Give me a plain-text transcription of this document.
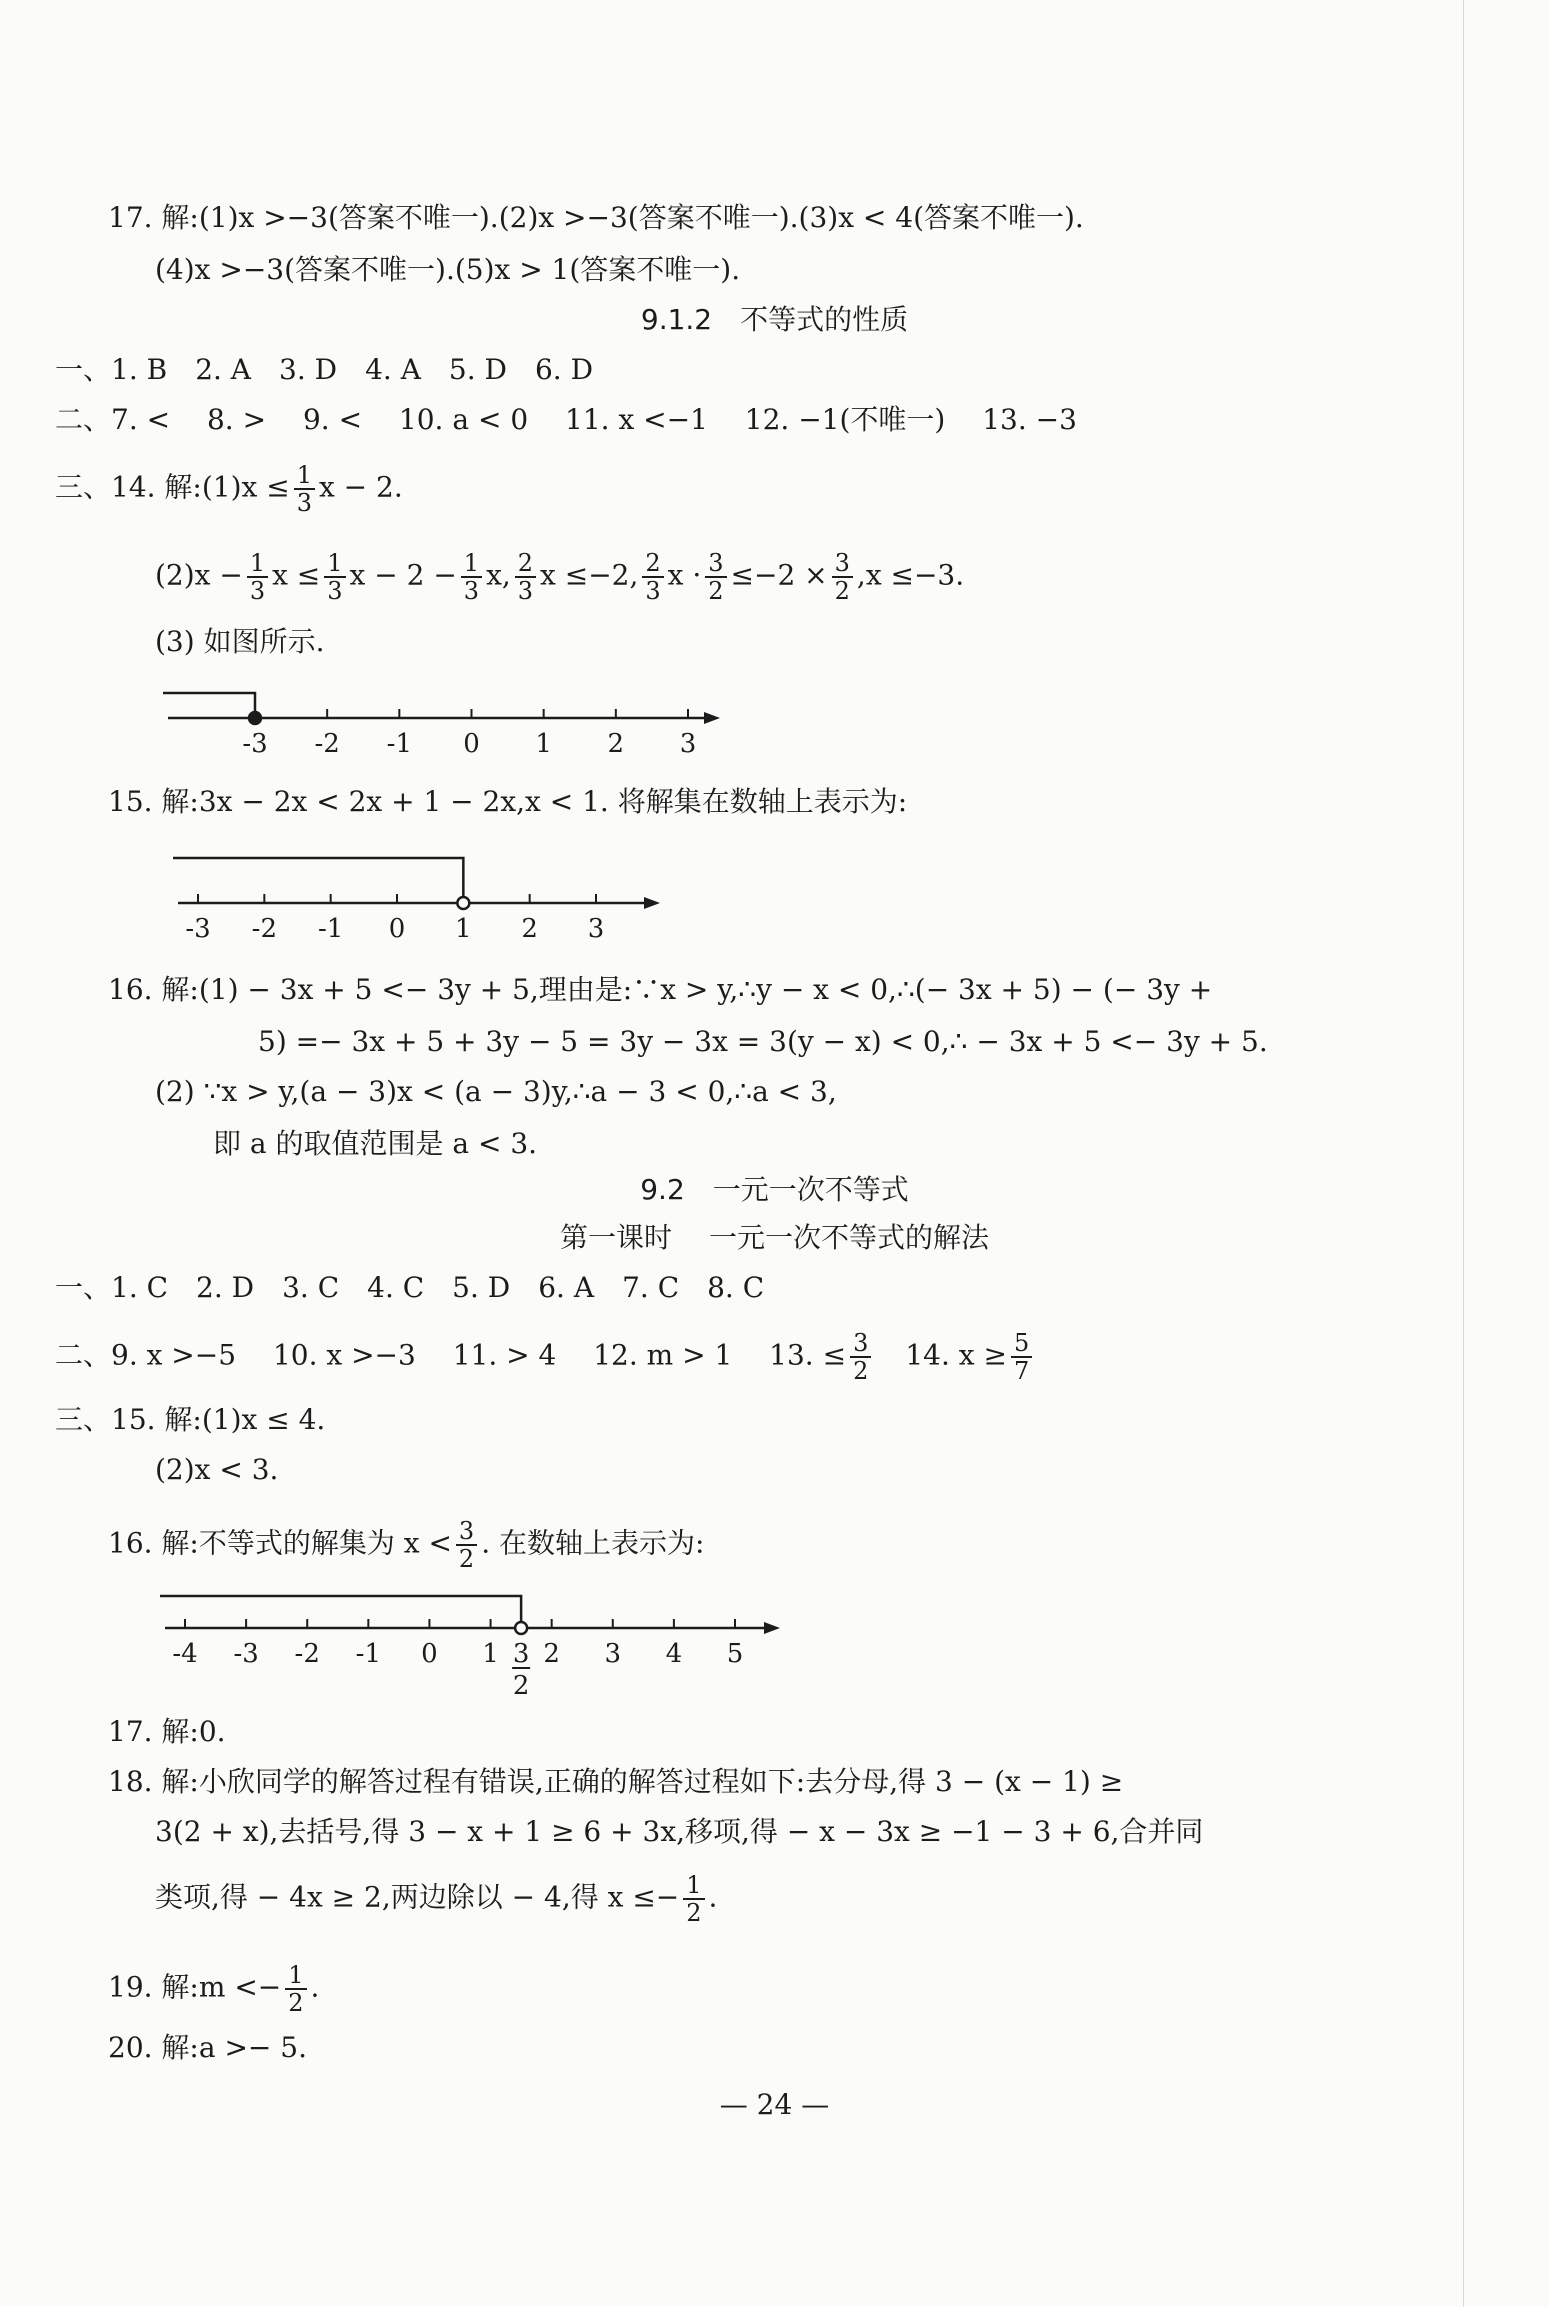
17. 解:(1)x >−3(答案不唯一).(2)x >−3(答案不唯一).(3)x < 4(答案不唯一).
(4)x >−3(答案不唯一).(5)x > 1(答案不唯一).
9.1.2　不等式的性质
一、1. B　2. A　3. D　4. A　5. D　6. D
二、7. <　 8. >　 9. <　 10. a < 0　 11. x <−1　 12. −1(不唯一)　 13. −3
三、14. 解:(1)x ≤ $\frac{1}{3}$ x − 2.
$(2)x - \frac{1}{3}$ $x \le \frac{1}{3}$ $x - 2 - \frac{1}{3} x$, $\frac{2}{3}$ x ≤−2, $\frac{2}{3}$ $x \cdot \frac{3}{2} \le-2 \times \frac{3}{2} ,x \le-3$.
(3) 如图所示.
-3 -2 -1 0 1 2 3
15. 解:3x − 2x < 2x + 1 − 2x,x < 1. 将解集在数轴上表示为:
-3 -2 -1 0 1 2 3
16. 解:(1) − 3x + 5 <− 3y + 5,理由是:∵x > y,∴y − x < 0,∴(− 3x + 5) − (− 3y +
5) =− 3x + 5 + 3y − 5 = 3y − 3x = 3(y − x) < 0,∴ − 3x + 5 <− 3y + 5.
(2) ∵x > y,(a − 3)x < (a − 3)y,∴a − 3 < 0,∴a < 3,
即 a 的取值范围是 a < 3.
9.2　一元一次不等式
第一课时　 一元一次不等式的解法
一、1. C　2. D　3. C　4. C　5. D　6. A　7. C　8. C
二、9. x >−5　 10. x >−3　 11. > 4　 12. m > 1　 13. ≤ $\frac{3}{2} 14$. $x \ge \frac{5}{7}$
三、15. 解:(1)x ≤ 4.
(2)x < 3.
16. 解:不等式的解集为 $x < \frac{3}{2}$ . 在数轴上表示为:
-4 -3 -2 -1 0 1 2 3 4 5
3
2
17. 解:0.
18. 解:小欣同学的解答过程有错误,正确的解答过程如下:去分母,得 3 − (x − 1) ≥
3(2 + x),去括号,得 3 − x + 1 ≥ 6 + 3x,移项,得 − x − 3x ≥ −1 − 3 + 6,合并同
类项,得 − 4x ≥ 2,两边除以 − 4,得 $x \le- \frac{1}{2}$ .
19. 解:m <− $\frac{1}{2}$ .
20. 解:a >− 5.
— 24 —
